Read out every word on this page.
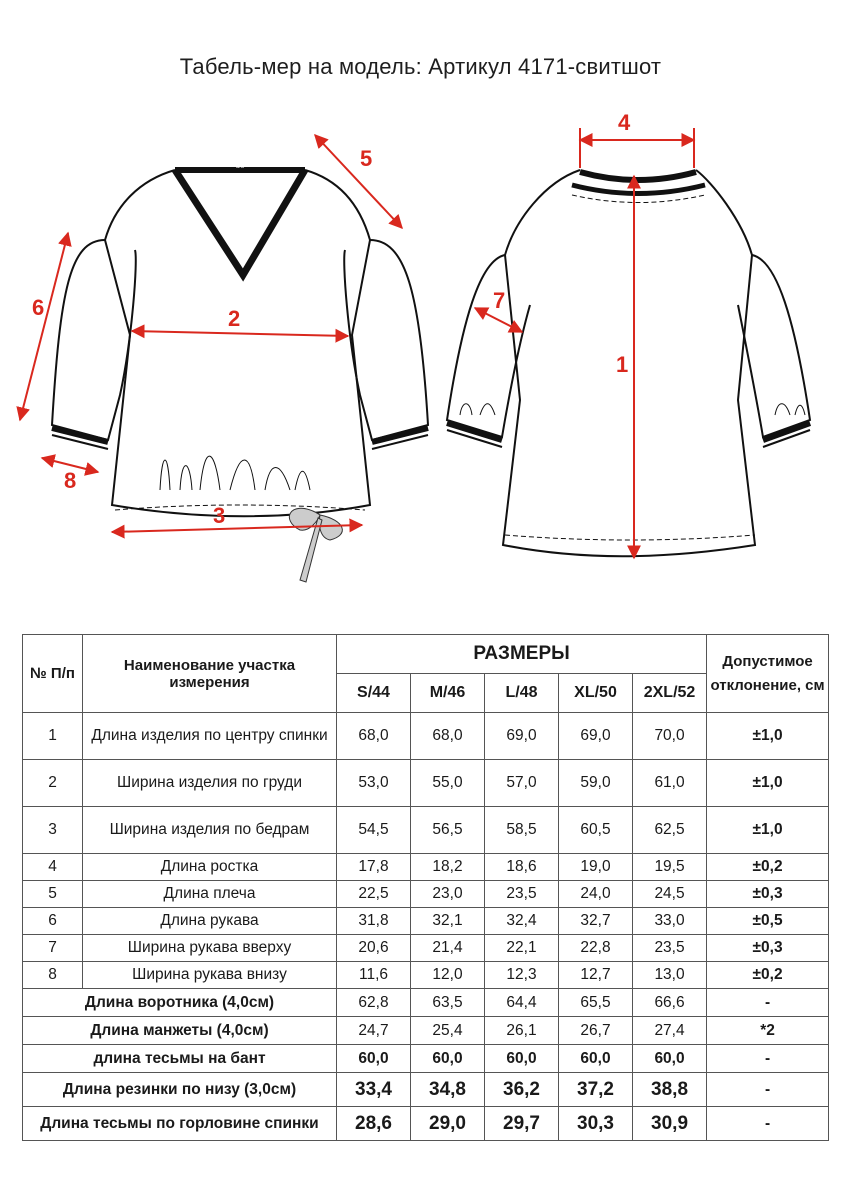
Табель-мер на модель: Артикул 4171-свитшот
DS	5
6	2
8
3
4
7
1
№ П/п	Наименование участка измерения	РАЗМЕРЫ					Допустимое отклонение, см
		S/44	M/46	L/48	XL/50	2XL/52	
1	Длина изделия по центру спинки	68,0	68,0	69,0	69,0	70,0	±1,0
2	Ширина изделия по груди	53,0	55,0	57,0	59,0	61,0	±1,0
3	Ширина изделия по бедрам	54,5	56,5	58,5	60,5	62,5	±1,0
4	Длина ростка	17,8	18,2	18,6	19,0	19,5	±0,2
5	Длина плеча	22,5	23,0	23,5	24,0	24,5	±0,3
6	Длина рукава	31,8	32,1	32,4	32,7	33,0	±0,5
7	Ширина рукава вверху	20,6	21,4	22,1	22,8	23,5	±0,3
8	Ширина рукава внизу	11,6	12,0	12,3	12,7	13,0	±0,2
Длина воротника (4,0см)		62,8	63,5	64,4	65,5	66,6	-
Длина манжеты (4,0см)		24,7	25,4	26,1	26,7	27,4	*2
длина тесьмы на бант		60,0	60,0	60,0	60,0	60,0	-
Длина резинки по низу (3,0см)		33,4	34,8	36,2	37,2	38,8	-
Длина тесьмы по горловине спинки		28,6	29,0	29,7	30,3	30,9	-
